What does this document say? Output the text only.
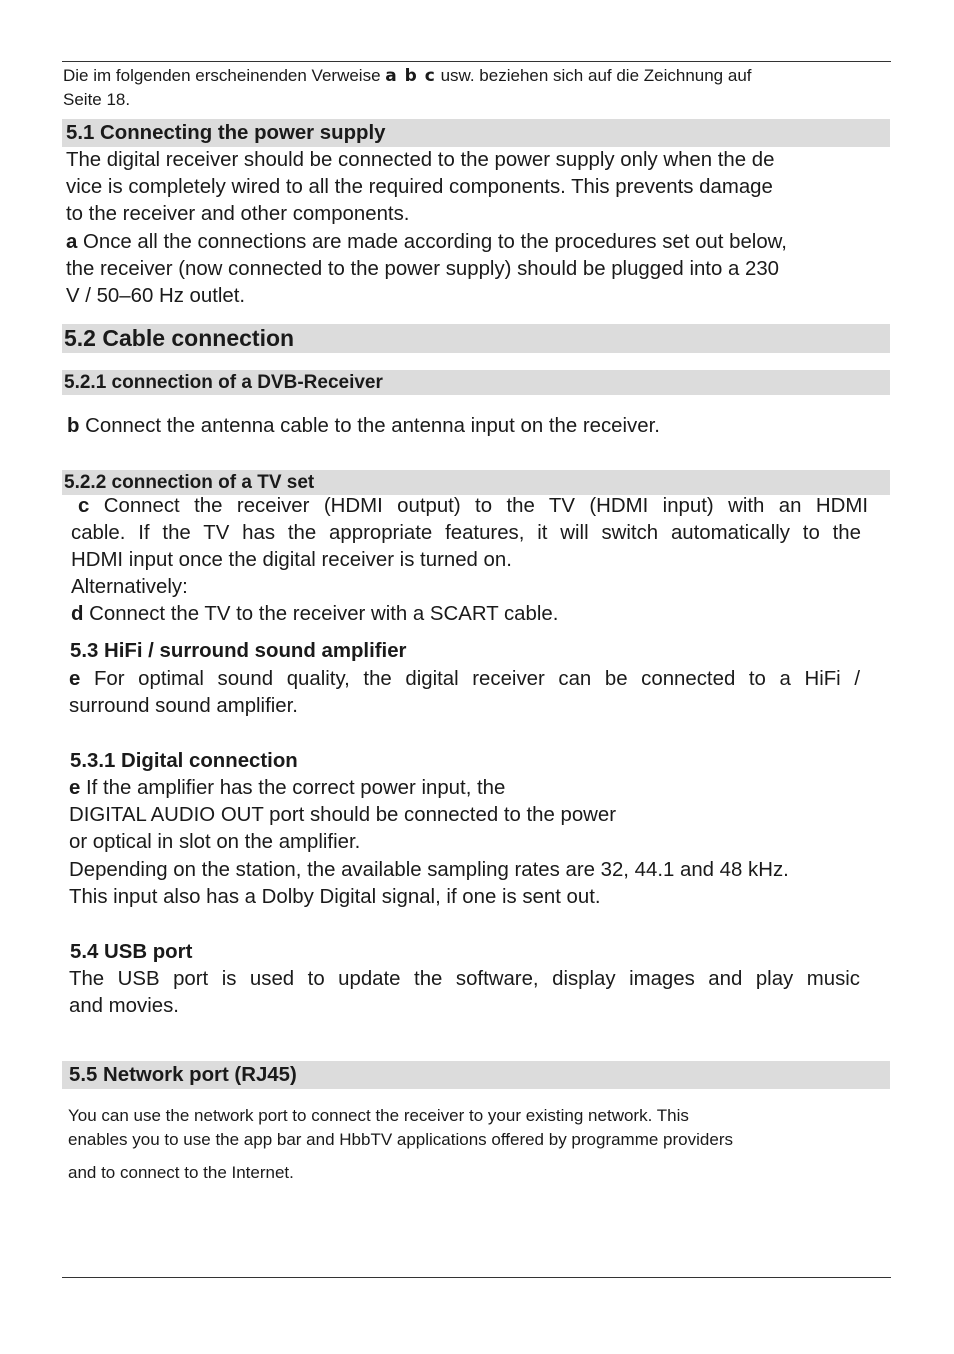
Die im folgenden erscheinenden Verweise a b c usw. beziehen sich auf die Zeichnung auf
Seite 18.
5.1 Connecting the power supply
The digital receiver should be connected to the power supply only when the de
vice is completely wired to all the required components. This prevents damage
to the receiver and other components.
a Once all the connections are made according to the procedures set out below,
the receiver (now connected to the power supply) should be plugged into a 230
V / 50–60 Hz outlet.
5.2 Cable connection
5.2.1 connection of a DVB-Receiver
b Connect the antenna cable to the antenna input on the receiver.
5.2.2 connection of a TV set
c Connect the receiver (HDMI output) to the TV (HDMI input) with an HDMI
cable. If the TV has the appropriate features, it will switch automatically to the
HDMI input once the digital receiver is turned on.
Alternatively:
d Connect the TV to the receiver with a SCART cable.
5.3 HiFi / surround sound amplifier
e For optimal sound quality, the digital receiver can be connected to a HiFi /
surround sound amplifier.
5.3.1 Digital connection
e If the amplifier has the correct power input, the
DIGITAL AUDIO OUT port should be connected to the power
or optical in slot on the amplifier.
Depending on the station, the available sampling rates are 32, 44.1 and 48 kHz.
This input also has a Dolby Digital signal, if one is sent out.
5.4 USB port
The USB port is used to update the software, display images and play music
and movies.
5.5 Network port (RJ45)
You can use the network port to connect the receiver to your existing network. This
enables you to use the app bar and HbbTV applications offered by programme providers
and to connect to the Internet.
